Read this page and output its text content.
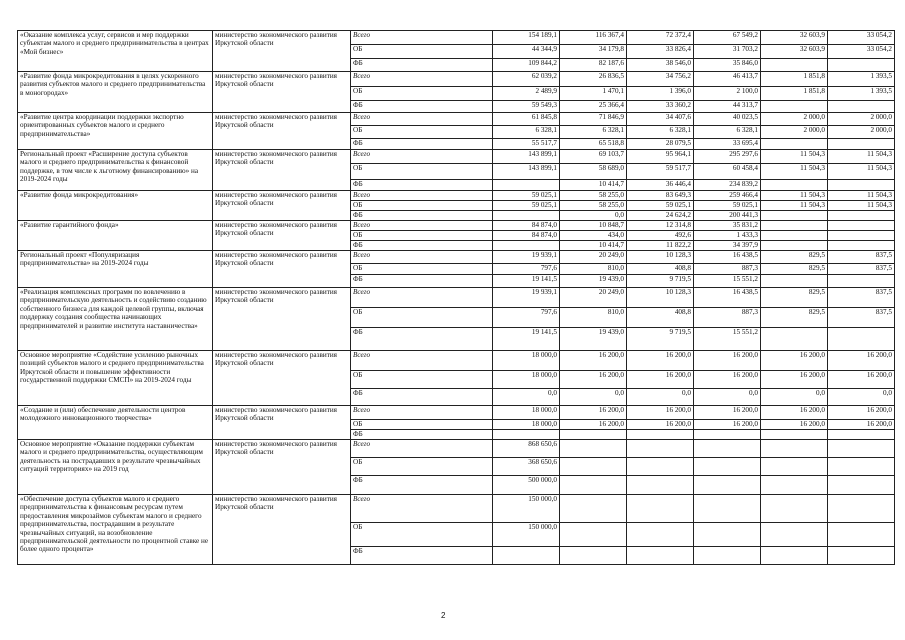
«Оказание комплекса услуг, сервисов и мер поддержки субъектам малого и среднего предпринимательства в центрах «Мой бизнес»	министерство экономического развития Иркутской области	Всего	154 189,1	116 367,4	72 372,4	67 549,2	32 603,9	33 054,2
		ОБ	44 344,9	34 179,8	33 826,4	31 703,2	32 603,9	33 054,2
		ФБ	109 844,2	82 187,6	38 546,0	35 846,0		
«Развитие фонда микрокредитования в целях ускоренного развития субъектов малого и среднего предпринимательства в моногородах»	министерство экономического развития Иркутской области	Всего	62 039,2	26 836,5	34 756,2	46 413,7	1 851,8	1 393,5
		ОБ	2 489,9	1 470,1	1 396,0	2 100,0	1 851,8	1 393,5
		ФБ	59 549,3	25 366,4	33 360,2	44 313,7		
«Развитие центра координации поддержки экспортно ориентированных субъектов малого и среднего предпринимательства»	министерство экономического развития Иркутской области	Всего	61 845,8	71 846,9	34 407,6	40 023,5	2 000,0	2 000,0
		ОБ	6 328,1	6 328,1	6 328,1	6 328,1	2 000,0	2 000,0
		ФБ	55 517,7	65 518,8	28 079,5	33 695,4		
Региональный проект «Расширение доступа субъектов малого и среднего предпринимательства к финансовой поддержке, в том числе к льготному финансированию» на 2019-2024 годы	министерство экономического развития Иркутской области	Всего	143 899,1	69 103,7	95 964,1	295 297,6	11 504,3	11 504,3
		ОБ	143 899,1	58 689,0	59 517,7	60 458,4	11 504,3	11 504,3
		ФБ		10 414,7	36 446,4	234 839,2		
«Развитие фонда микрокредитования»	министерство экономического развития Иркутской области	Всего	59 025,1	58 255,0	83 649,3	259 466,4	11 504,3	11 504,3
		ОБ	59 025,1	58 255,0	59 025,1	59 025,1	11 504,3	11 504,3
		ФБ		0,0	24 624,2	200 441,3		
«Развитие гарантийного фонда»	министерство экономического развития Иркутской области	Всего	84 874,0	10 848,7	12 314,8	35 831,2		
		ОБ	84 874,0	434,0	492,6	1 433,3		
		ФБ		10 414,7	11 822,2	34 397,9		
Региональный проект «Популяризация предпринимательства» на 2019-2024 годы	министерство экономического развития Иркутской области	Всего	19 939,1	20 249,0	10 128,3	16 438,5	829,5	837,5
		ОБ	797,6	810,0	408,8	887,3	829,5	837,5
		ФБ	19 141,5	19 439,0	9 719,5	15 551,2		
«Реализация комплексных программ по вовлечению в предпринимательскую деятельность и содействию созданию собственного бизнеса для каждой целевой группы, включая поддержку создания сообщества начинающих предпринимателей и развитие института наставничества»	министерство экономического развития Иркутской области	Всего	19 939,1	20 249,0	10 128,3	16 438,5	829,5	837,5
		ОБ	797,6	810,0	408,8	887,3	829,5	837,5
		ФБ	19 141,5	19 439,0	9 719,5	15 551,2		
Основное мероприятие «Содействие усилению рыночных позиций субъектов малого и среднего предпринимательства Иркутской области и повышение эффективности государственной поддержки СМСП» на 2019-2024 годы	министерство экономического развития Иркутской области	Всего	18 000,0	16 200,0	16 200,0	16 200,0	16 200,0	16 200,0
		ОБ	18 000,0	16 200,0	16 200,0	16 200,0	16 200,0	16 200,0
		ФБ	0,0	0,0	0,0	0,0	0,0	0,0
«Создание и (или) обеспечение деятельности центров молодежного инновационного творчества»	министерство экономического развития Иркутской области	Всего	18 000,0	16 200,0	16 200,0	16 200,0	16 200,0	16 200,0
		ОБ	18 000,0	16 200,0	16 200,0	16 200,0	16 200,0	16 200,0
		ФБ						
Основное мероприятие «Оказание поддержки субъектам малого и среднего предпринимательства, осуществляющим деятельность на пострадавших в результате чрезвычайных ситуаций территориях» на 2019 год	министерство экономического развития Иркутской области	Всего	868 650,6					
		ОБ	368 650,6					
		ФБ	500 000,0					
«Обеспечение доступа субъектов малого и среднего предпринимательства к финансовым ресурсам путем предоставления микрозаймов субъектам малого и среднего предпринимательства, пострадавшим в результате чрезвычайных ситуаций, на возобновление предпринимательской деятельности по процентной ставке не более одного процента»	министерство экономического развития Иркутской области	Всего	150 000,0					
		ОБ	150 000,0					
		ФБ						
2
